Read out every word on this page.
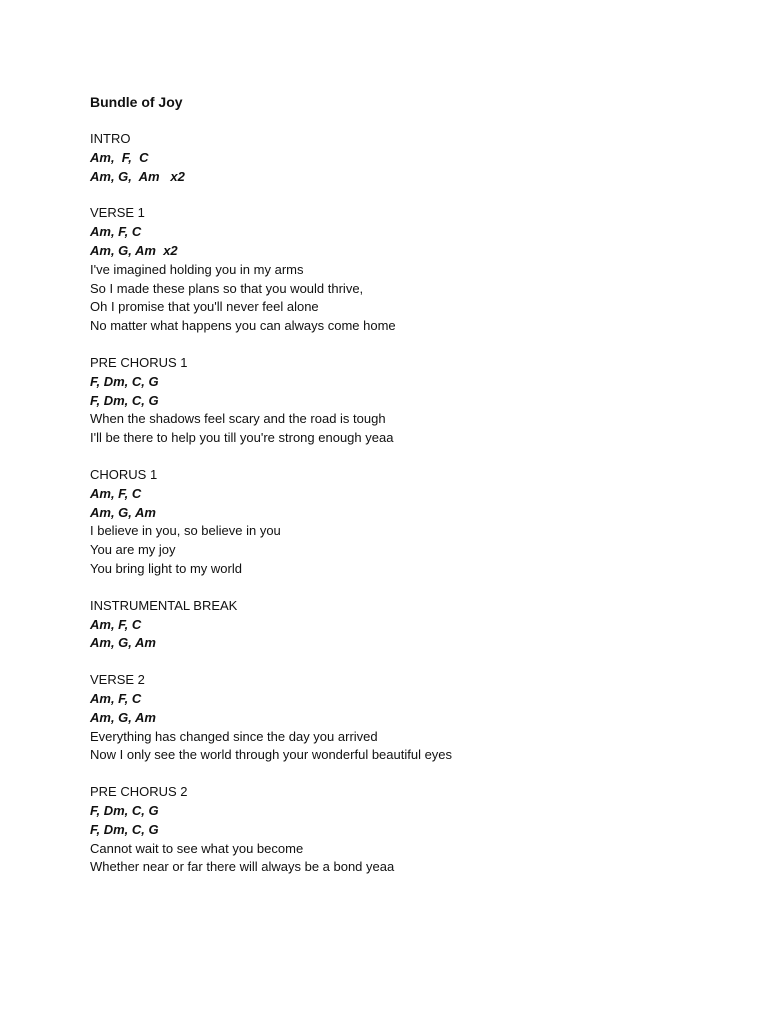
Bundle of Joy
INTRO
Am,  F,  C
Am, G,  Am   x2
VERSE 1
Am, F, C
Am, G, Am  x2
I've imagined holding you in my arms
So I made these plans so that you would thrive,
Oh I promise that you'll never feel alone
No matter what happens you can always come home
PRE CHORUS 1
F, Dm, C, G
F, Dm, C, G
When the shadows feel scary and the road is tough
I'll be there to help you till you're strong enough yeaa
CHORUS 1
Am, F, C
Am, G, Am
I believe in you, so believe in you
You are my joy
You bring light to my world
INSTRUMENTAL BREAK
Am, F, C
Am, G, Am
VERSE 2
Am, F, C
Am, G, Am
Everything has changed since the day you arrived
Now I only see the world through your wonderful beautiful eyes
PRE CHORUS 2
F, Dm, C, G
F, Dm, C, G
Cannot wait to see what you become
Whether near or far there will always be a bond yeaa
